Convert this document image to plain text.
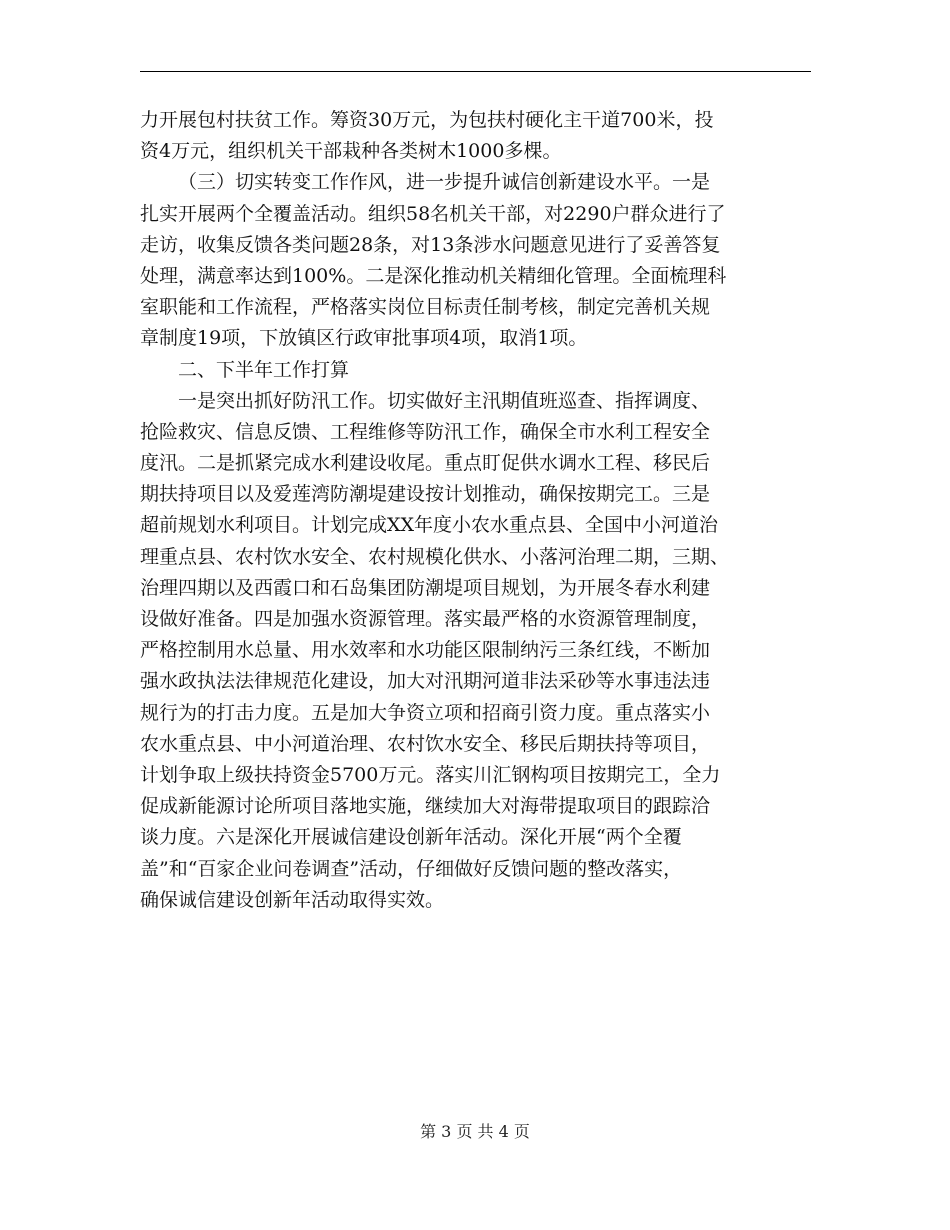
力开展包村扶贫工作。筹资30万元，为包扶村硬化主干道700米，投
资4万元，组织机关干部栽种各类树木1000多棵。
（三）切实转变工作作风，进一步提升诚信创新建设水平。一是
扎实开展两个全覆盖活动。组织58名机关干部，对2290户群众进行了
走访，收集反馈各类问题28条，对13条涉水问题意见进行了妥善答复
处理，满意率达到100%。二是深化推动机关精细化管理。全面梳理科
室职能和工作流程，严格落实岗位目标责任制考核，制定完善机关规
章制度19项，下放镇区行政审批事项4项，取消1项。
二、下半年工作打算
一是突出抓好防汛工作。切实做好主汛期值班巡查、指挥调度、
抢险救灾、信息反馈、工程维修等防汛工作，确保全市水利工程安全
度汛。二是抓紧完成水利建设收尾。重点盯促供水调水工程、移民后
期扶持项目以及爱莲湾防潮堤建设按计划推动，确保按期完工。三是
超前规划水利项目。计划完成XX年度小农水重点县、全国中小河道治
理重点县、农村饮水安全、农村规模化供水、小落河治理二期，三期、
治理四期以及西霞口和石岛集团防潮堤项目规划，为开展冬春水利建
设做好准备。四是加强水资源管理。落实最严格的水资源管理制度，
严格控制用水总量、用水效率和水功能区限制纳污三条红线，不断加
强水政执法法律规范化建设，加大对汛期河道非法采砂等水事违法违
规行为的打击力度。五是加大争资立项和招商引资力度。重点落实小
农水重点县、中小河道治理、农村饮水安全、移民后期扶持等项目，
计划争取上级扶持资金5700万元。落实川汇钢构项目按期完工，全力
促成新能源讨论所项目落地实施，继续加大对海带提取项目的跟踪洽
谈力度。六是深化开展诚信建设创新年活动。深化开展“两个全覆
盖”和“百家企业问卷调查”活动，仔细做好反馈问题的整改落实，
确保诚信建设创新年活动取得实效。
第 3 页 共 4 页
